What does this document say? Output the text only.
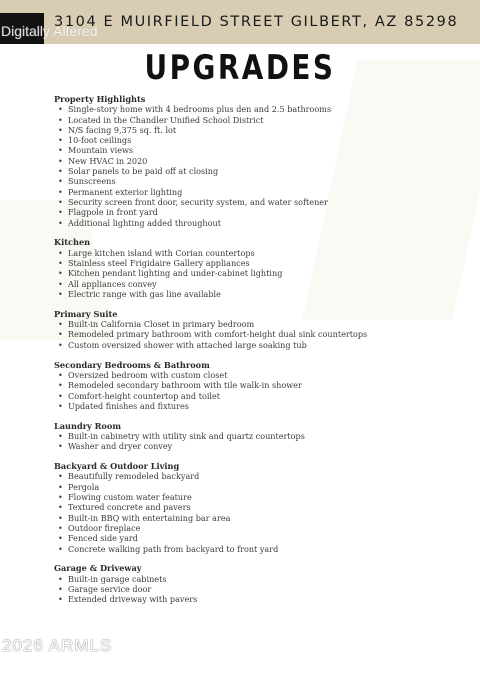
3104 E MUIRFIELD STREET GILBERT, AZ 85298
Digitally Altered
UPGRADES
Property Highlights
• Single-story home with 4 bedrooms plus den and 2.5 bathrooms
• Located in the Chandler Unified School District
• N/S facing 9,375 sq. ft. lot
• 10-foot ceilings
• Mountain views
• New HVAC in 2020
• Solar panels to be paid off at closing
• Sunscreens
• Permanent exterior lighting
• Security screen front door, security system, and water softener
• Flagpole in front yard
• Additional lighting added throughout
Kitchen
• Large kitchen island with Corian countertops
• Stainless steel Frigidaire Gallery appliances
• Kitchen pendant lighting and under-cabinet lighting
• All appliances convey
• Electric range with gas line available
Primary Suite
• Built-in California Closet in primary bedroom
• Remodeled primary bathroom with comfort-height dual sink countertops
• Custom oversized shower with attached large soaking tub
Secondary Bedrooms & Bathroom
• Oversized bedroom with custom closet
• Remodeled secondary bathroom with tile walk-in shower
• Comfort-height countertop and toilet
• Updated finishes and fixtures
Laundry Room
• Built-in cabinetry with utility sink and quartz countertops
• Washer and dryer convey
Backyard & Outdoor Living
• Beautifully remodeled backyard
• Pergola
• Flowing custom water feature
• Textured concrete and pavers
• Built-in BBQ with entertaining bar area
• Outdoor fireplace
• Fenced side yard
• Concrete walking path from backyard to front yard
Garage & Driveway
• Built-in garage cabinets
• Garage service door
• Extended driveway with pavers
2026 ARMLS
